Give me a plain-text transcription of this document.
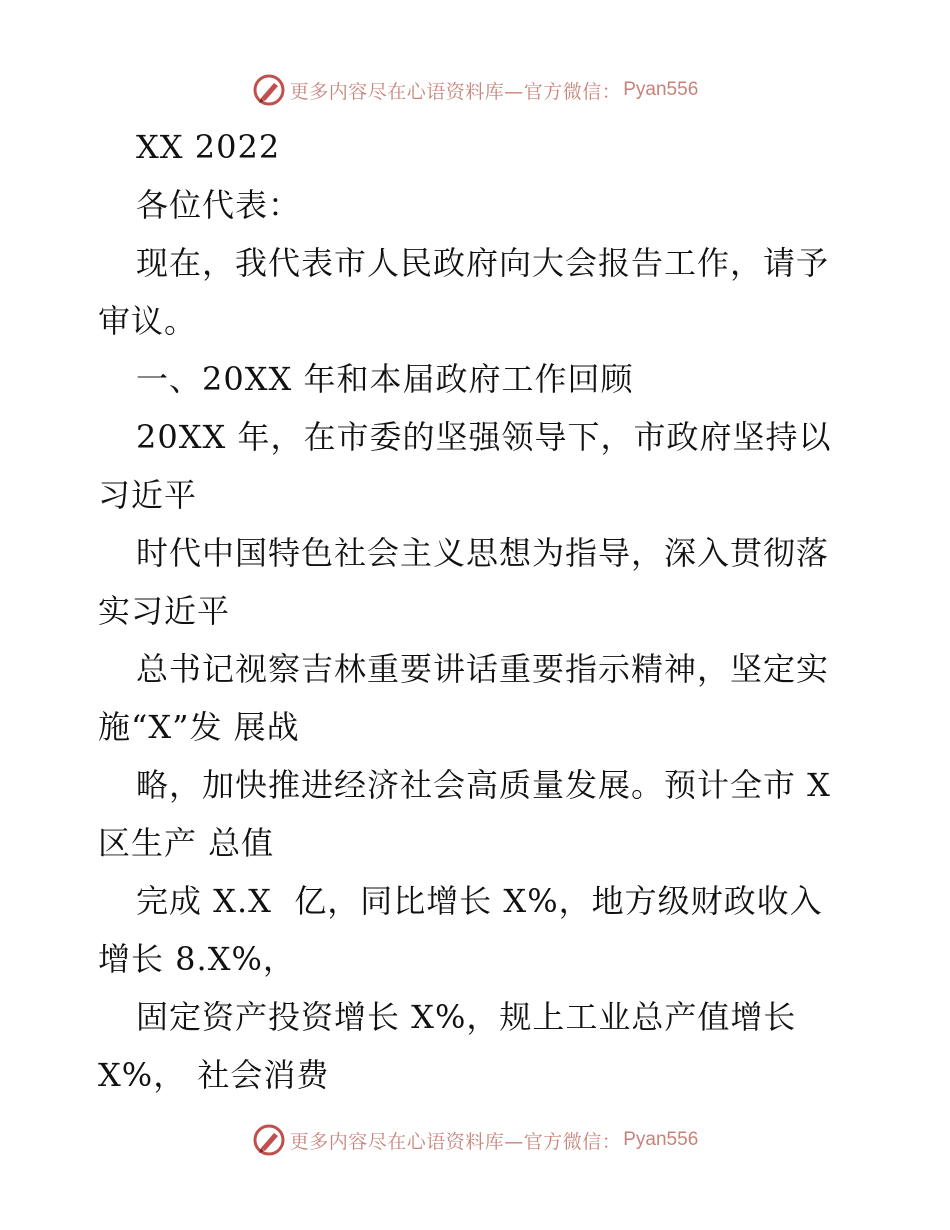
更多内容尽在心语资料库—官方微信： Pyan556
XX 2022
各位代表：
现在，我代表市人民政府向大会报告工作，请予
审议。
一、20XX 年和本届政府工作回顾
20XX 年，在市委的坚强领导下，市政府坚持以
习近平
时代中国特色社会主义思想为指导，深入贯彻落
实习近平
总书记视察吉林重要讲话重要指示精神，坚定实
施“X”发 展战
略，加快推进经济社会高质量发展。预计全市 X
区生产 总值
完成 X.X  亿，同比增长 X%，地方级财政收入
增长 8.X%，
固定资产投资增长 X%，规上工业总产值增长
X%， 社会消费
更多内容尽在心语资料库—官方微信： Pyan556
